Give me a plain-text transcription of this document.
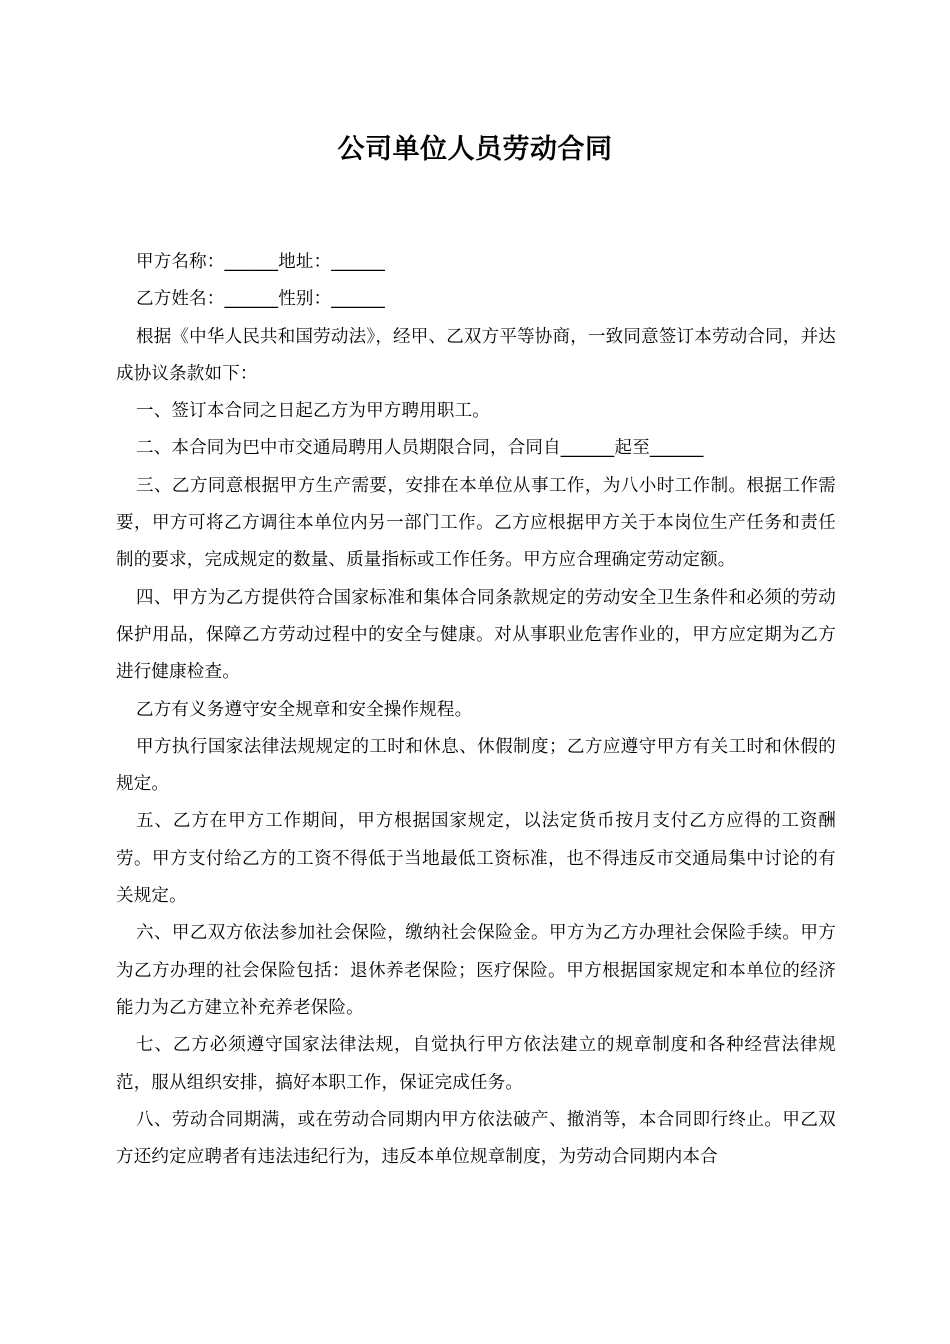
公司单位人员劳动合同

甲方名称：______地址：______

乙方姓名：______性别：______

根据《中华人民共和国劳动法》，经甲、乙双方平等协商，一致同意签订本劳动合同，并达成协议条款如下：

一、签订本合同之日起乙方为甲方聘用职工。

二、本合同为巴中市交通局聘用人员期限合同，合同自______起至______

三、乙方同意根据甲方生产需要，安排在本单位从事工作，为八小时工作制。根据工作需要，甲方可将乙方调往本单位内另一部门工作。乙方应根据甲方关于本岗位生产任务和责任制的要求，完成规定的数量、质量指标或工作任务。甲方应合理确定劳动定额。

四、甲方为乙方提供符合国家标准和集体合同条款规定的劳动安全卫生条件和必须的劳动保护用品，保障乙方劳动过程中的安全与健康。对从事职业危害作业的，甲方应定期为乙方进行健康检查。

乙方有义务遵守安全规章和安全操作规程。

甲方执行国家法律法规规定的工时和休息、休假制度；乙方应遵守甲方有关工时和休假的规定。

五、乙方在甲方工作期间，甲方根据国家规定，以法定货币按月支付乙方应得的工资酬劳。甲方支付给乙方的工资不得低于当地最低工资标准，也不得违反市交通局集中讨论的有关规定。

六、甲乙双方依法参加社会保险，缴纳社会保险金。甲方为乙方办理社会保险手续。甲方为乙方办理的社会保险包括：退休养老保险；医疗保险。甲方根据国家规定和本单位的经济能力为乙方建立补充养老保险。

七、乙方必须遵守国家法律法规，自觉执行甲方依法建立的规章制度和各种经营法律规范，服从组织安排，搞好本职工作，保证完成任务。

八、劳动合同期满，或在劳动合同期内甲方依法破产、撤消等，本合同即行终止。甲乙双方还约定应聘者有违法违纪行为，违反本单位规章制度，为劳动合同期内本合
